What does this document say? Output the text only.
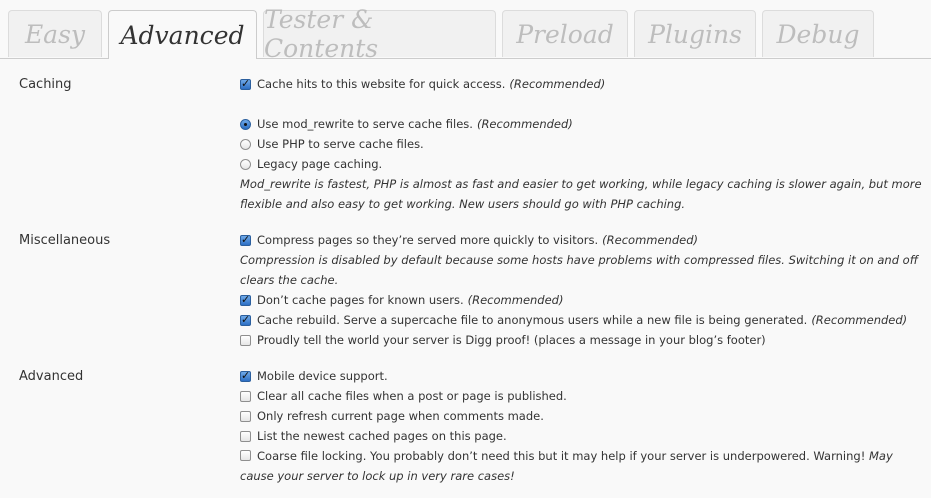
Easy	Advanced
Tester & Contents	Preload	Plugins	Debug
Caching ✓	Cache hits to this website for quick access. (Recommended)
Use mod_rewrite to serve cache files. (Recommended)
Use PHP to serve cache files.
Legacy page caching.
Mod_rewrite is fastest, PHP is almost as fast and easier to get working, while legacy caching is slower again, but more flexible and also easy to get working. New users should go with PHP caching.
Miscellaneous ✓	Compress pages so they’re served more quickly to visitors. (Recommended)
Compression is disabled by default because some hosts have problems with compressed files. Switching it on and off clears the cache.
✓
Don’t cache pages for known users. (Recommended)
✓
Cache rebuild. Serve a supercache file to anonymous users while a new file is being generated. (Recommended)
Proudly tell the world your server is Digg proof! (places a message in your blog’s footer)
Advanced ✓	Mobile device support.
Clear all cache files when a post or page is published.
Only refresh current page when comments made.
List the newest cached pages on this page.
Coarse file locking. You probably don’t need this but it may help if your server is underpowered. Warning! May cause your server to lock up in very rare cases!
